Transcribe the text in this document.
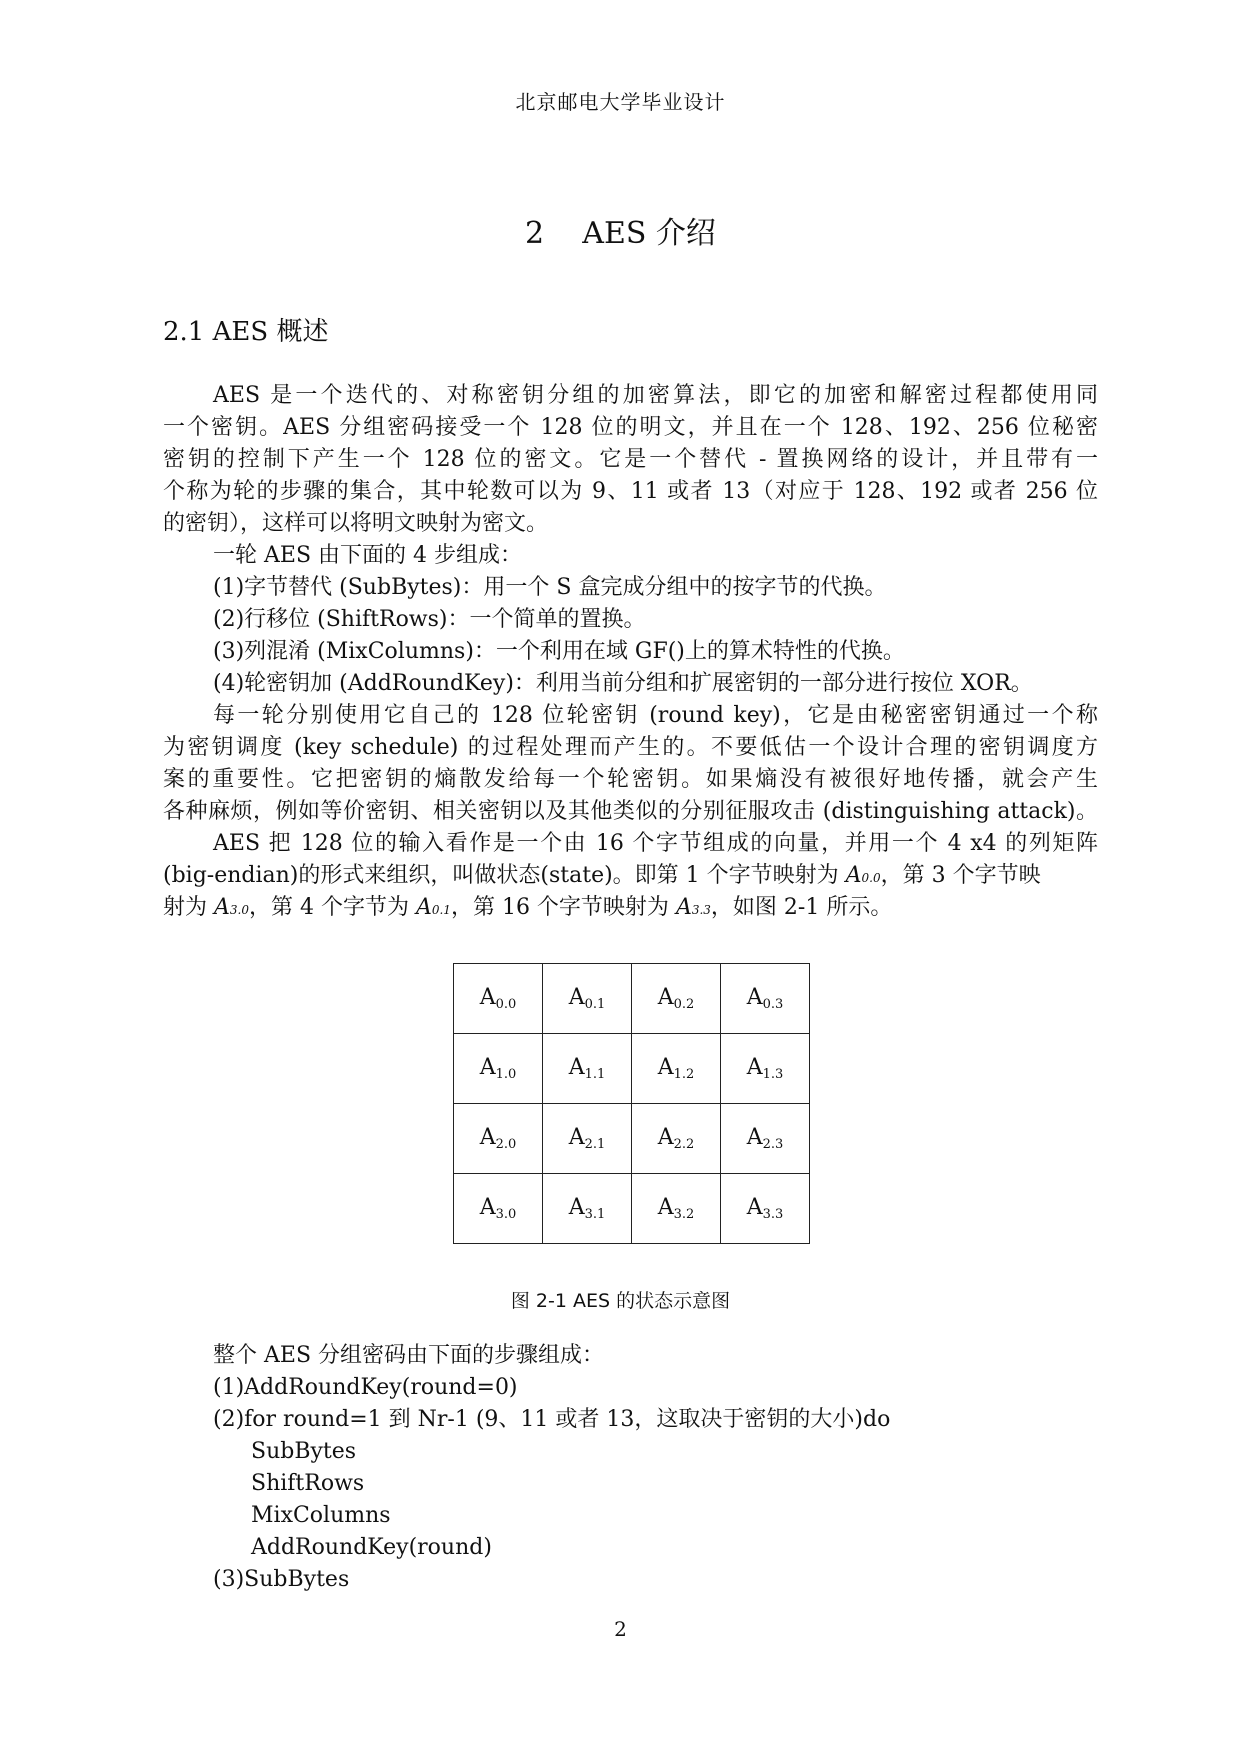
北京邮电大学毕业设计
2    AES 介绍
2.1 AES 概述
AES 是一个迭代的、对称密钥分组的加密算法，即它的加密和解密过程都使用同
一个密钥。AES 分组密码接受一个 128 位的明文，并且在一个 128、192、256 位秘密
密钥的控制下产生一个 128 位的密文。它是一个替代 - 置换网络的设计，并且带有一
个称为轮的步骤的集合，其中轮数可以为 9、11 或者 13（对应于 128、192 或者 256 位
的密钥），这样可以将明文映射为密文。
一轮 AES 由下面的 4 步组成：
(1)字节替代 (SubBytes)：用一个 S 盒完成分组中的按字节的代换。
(2)行移位 (ShiftRows)：一个简单的置换。
(3)列混淆 (MixColumns)：一个利用在域 GF()上的算术特性的代换。
(4)轮密钥加 (AddRoundKey)：利用当前分组和扩展密钥的一部分进行按位 XOR。
每一轮分别使用它自己的 128 位轮密钥 (round key)，它是由秘密密钥通过一个称
为密钥调度 (key schedule) 的过程处理而产生的。不要低估一个设计合理的密钥调度方
案的重要性。它把密钥的熵散发给每一个轮密钥。如果熵没有被很好地传播，就会产生
各种麻烦，例如等价密钥、相关密钥以及其他类似的分别征服攻击 (distinguishing attack)。
AES 把 128 位的输入看作是一个由 16 个字节组成的向量，并用一个 4 x4 的列矩阵
(big-endian)的形式来组织，叫做状态(state)。即第 1 个字节映射为 A0.0，第 3 个字节映
射为 A3.0，第 4 个字节为 A0.1，第 16 个字节映射为 A3.3，如图 2-1 所示。
$A_{0.0}$	$A_{0.1}$	$A_{0.2}$	$A_{0.3}$
$A_{1.0}$	$A_{1.1}$	$A_{1.2}$	$A_{1.3}$
$A_{2.0}$	$A_{2.1}$	$A_{2.2}$	$A_{2.3}$
$A_{3.0}$	$A_{3.1}$	$A_{3.2}$	$A_{3.3}$
图 2-1 AES 的状态示意图
整个 AES 分组密码由下面的步骤组成：
(1)AddRoundKey(round=0)
(2)for round=1 到 Nr-1 (9、11 或者 13，这取决于密钥的大小)do
SubBytes
ShiftRows
MixColumns
AddRoundKey(round)
(3)SubBytes
2
